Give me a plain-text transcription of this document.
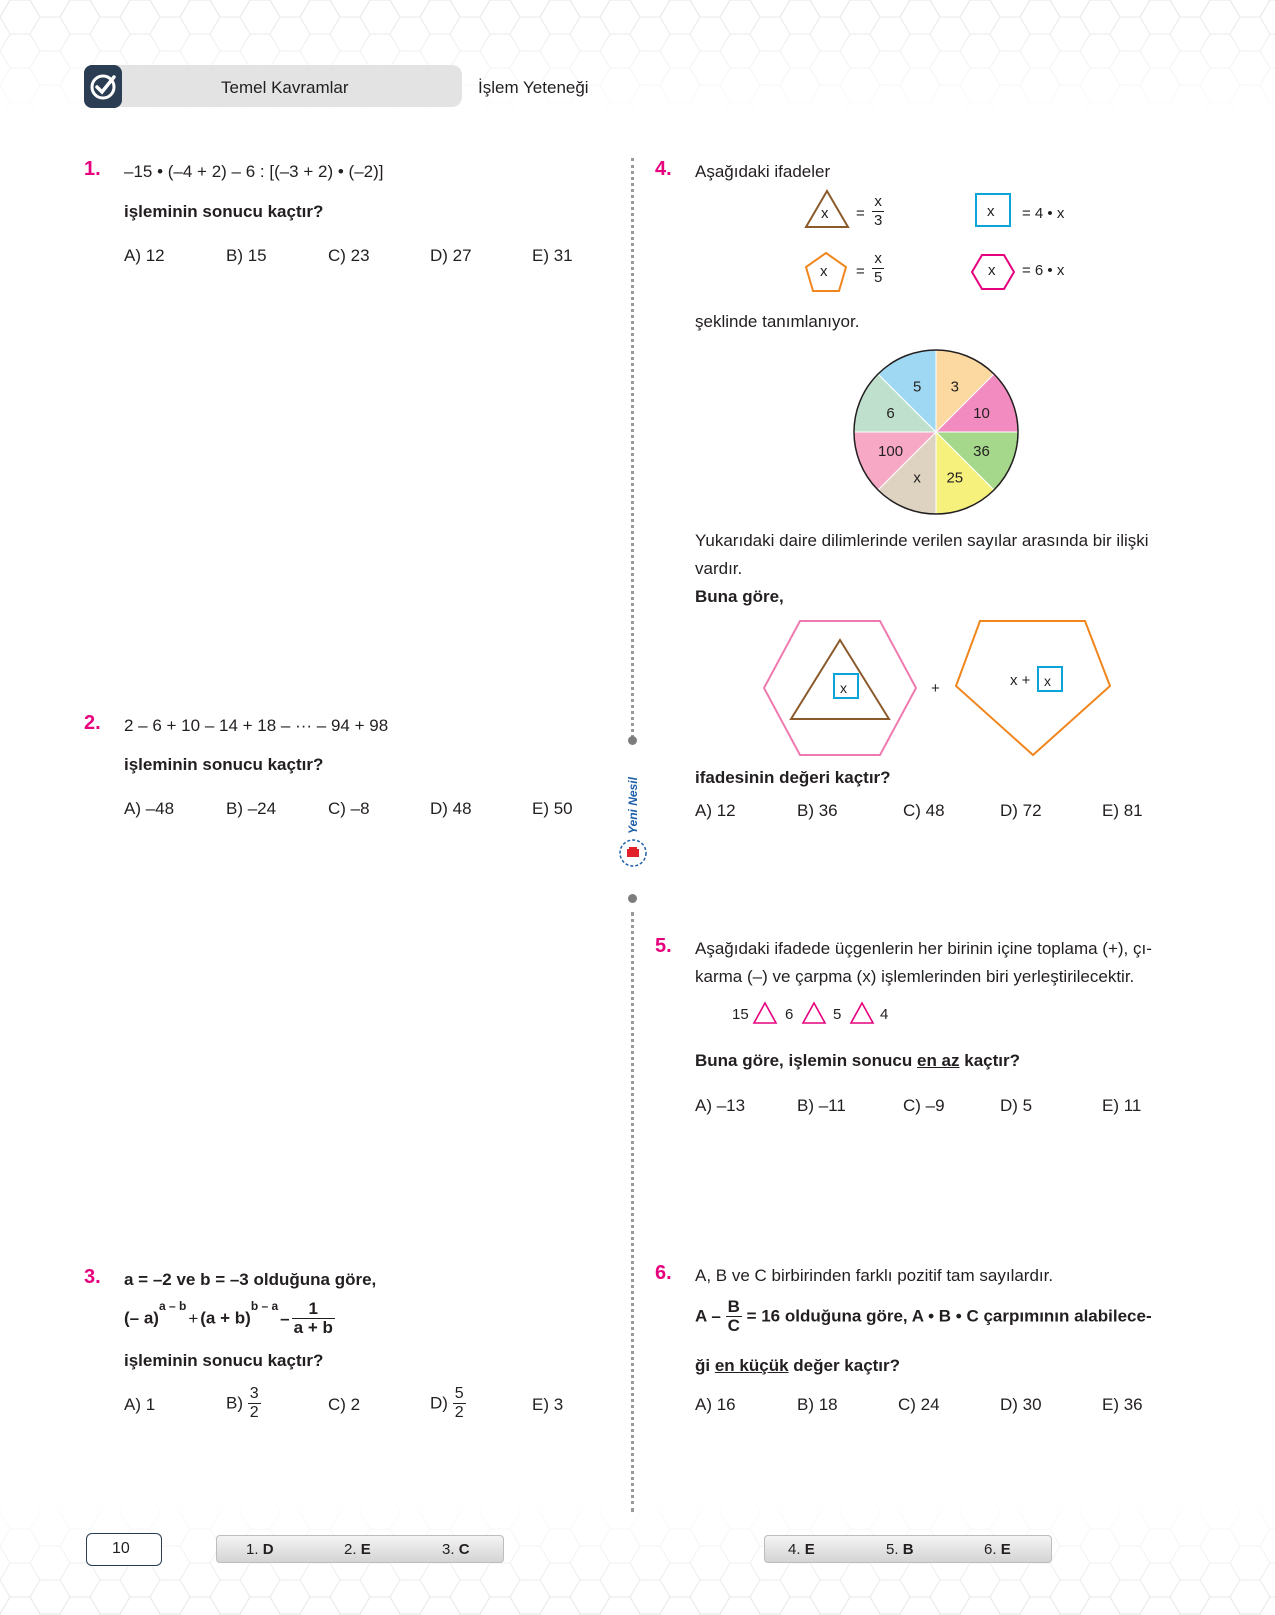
Temel Kavramlar	İşlem Yeteneği
Yeni Nesil
1. –15 • (–4 + 2) – 6 : [(–3 + 2) • (–2)]
işleminin sonucu kaçtır?
A) 12	B) 15	C) 23	D) 27	E) 31
2. 2 – 6 + 10 – 14 + 18 – ··· – 94 + 98
işleminin sonucu kaçtır?
A) –48	B) –24	C) –8	D) 48	E) 50
3. a = –2 ve b = –3 olduğuna göre,
(– $a)^{a - b}+ (a + b)^{b - a}- \frac{1}{a + b}$
işleminin sonucu kaçtır?
A) 1	$B) \frac{3}{2}$	C) 2	$D) \frac{5}{2}$	E) 3
4. Aşağıdaki ifadeler
$x = \frac{x}{3}$	x = 4 • x
$x = \frac{x}{5}$	x = 6 • x
şeklinde tanımlanıyor.
3
10
36
25
x
100
6
5
Yukarıdaki daire dilimlerinde verilen sayılar arasında bir ilişki
vardır.
Buna göre,
x	+	x + x
ifadesinin değeri kaçtır?
A) 12	B) 36	C) 48	D) 72	E) 81
5. Aşağıdaki ifadede üçgenlerin her birinin içine toplama (+), çı-
karma (–) ve çarpma (x) işlemlerinden biri yerleştirilecektir.
15 6	5	4
Buna göre, işlemin sonucu en az kaçtır?
A) –13	B) –11	C) –9	D) 5	E) 11
6. A, B ve C birbirinden farklı pozitif tam sayılardır.
$A - \frac{B}{C} = 16$ olduğuna göre, A • B • C çarpımının alabilece-
ği en küçük değer kaçtır?
A) 16	B) 18	C) 24	D) 30	E) 36
10	1. D	2. E	3. C	4. E	5. B	6. E
